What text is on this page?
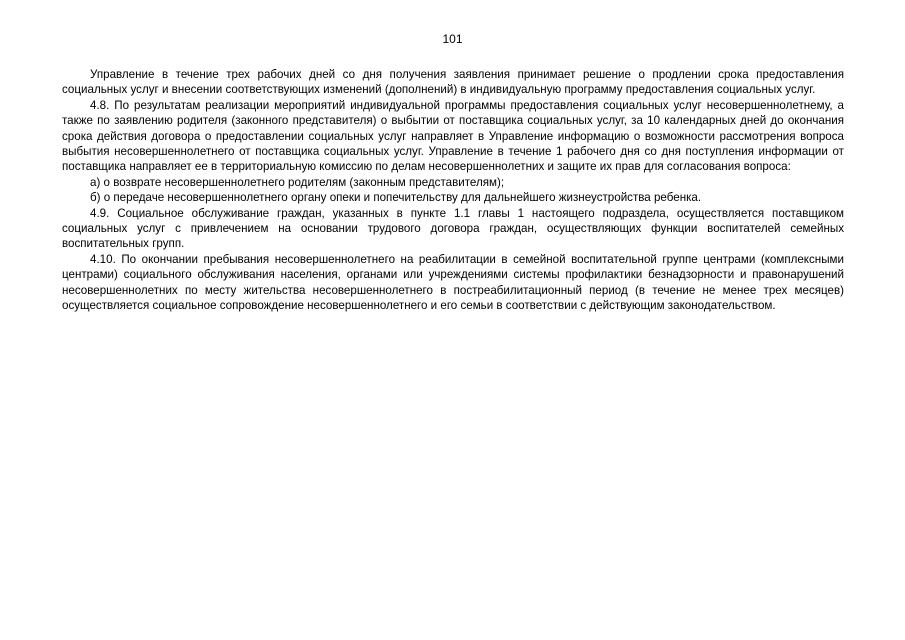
101

Управление в течение трех рабочих дней со дня получения заявления принимает решение о продлении срока предоставления социальных услуг и внесении соответствующих изменений (дополнений) в индивидуальную программу предоставления социальных услуг.

4.8. По результатам реализации мероприятий индивидуальной программы предоставления социальных услуг несовершеннолетнему, а также по заявлению родителя (законного представителя) о выбытии от поставщика социальных услуг, за 10 календарных дней до окончания срока действия договора о предоставлении социальных услуг направляет в Управление информацию о возможности рассмотрения вопроса выбытия несовершеннолетнего от поставщика социальных услуг. Управление в течение 1 рабочего дня со дня поступления информации от поставщика направляет ее в территориальную комиссию по делам несовершеннолетних и защите их прав для согласования вопроса:

а) о возврате несовершеннолетнего родителям (законным представителям);

б) о передаче несовершеннолетнего органу опеки и попечительству для дальнейшего жизнеустройства ребенка.

4.9. Социальное обслуживание граждан, указанных в пункте 1.1 главы 1 настоящего подраздела, осуществляется поставщиком социальных услуг с привлечением на основании трудового договора граждан, осуществляющих функции воспитателей семейных воспитательных групп.

4.10. По окончании пребывания несовершеннолетнего на реабилитации в семейной воспитательной группе центрами (комплексными центрами) социального обслуживания населения, органами или учреждениями системы профилактики безнадзорности и правонарушений несовершеннолетних по месту жительства несовершеннолетнего в постреабилитационный период (в течение не менее трех месяцев) осуществляется социальное сопровождение несовершеннолетнего и его семьи в соответствии с действующим законодательством.
